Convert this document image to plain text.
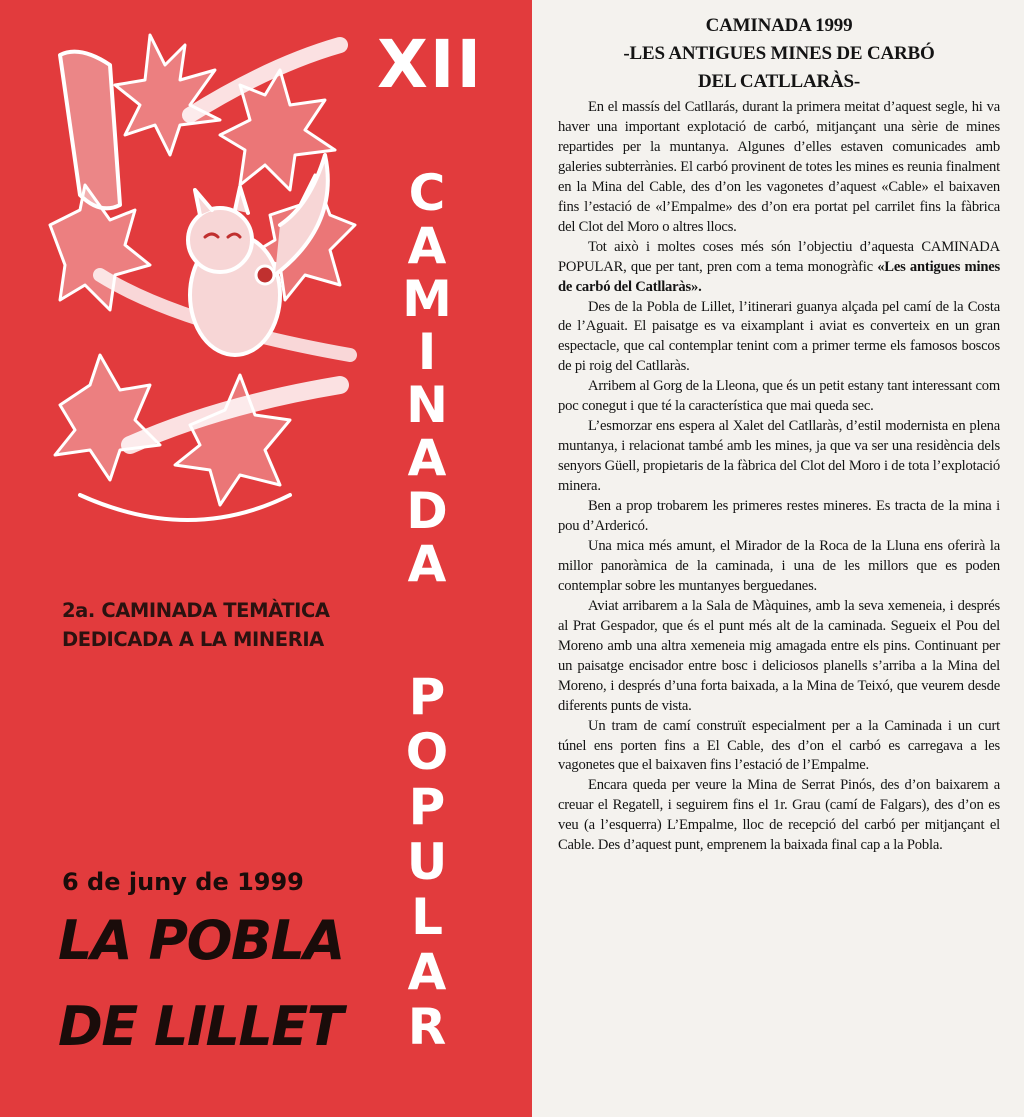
XII
C
A
M
I
N
A
D
A
P
O
P
U
L
A
R
2a. CAMINADA TEMÀTICA
DEDICADA A LA MINERIA
6 de juny de 1999
LA POBLA
DE LILLET
CAMINADA 1999
-LES ANTIGUES MINES DE CARBÓ
DEL CATLLARÀS-

En el massís del Catllarás, durant la primera meitat d’aquest segle, hi va haver una important explotació de carbó, mitjançant una sèrie de mines repartides per la muntanya. Algunes d’elles estaven comunicades amb galeries subterrànies. El carbó provinent de totes les mines es reunia finalment en la Mina del Cable, des d’on les vagonetes d’aquest «Cable» el baixaven fins l’estació de «l’Empalme» des d’on era portat pel carrilet fins la fàbrica del Clot del Moro o altres llocs.

Tot això i moltes coses més són l’objectiu d’aquesta CAMINADA POPULAR, que per tant, pren com a tema monogràfic «Les antigues mines de carbó del Catllaràs».

Des de la Pobla de Lillet, l’itinerari guanya alçada pel camí de la Costa de l’Aguait. El paisatge es va eixamplant i aviat es converteix en un gran espectacle, que cal contemplar tenint com a primer terme els famosos boscos de pi roig del Catllaràs.

Arribem al Gorg de la Lleona, que és un petit estany tant interessant com poc conegut i que té la característica que mai queda sec.

L’esmorzar ens espera al Xalet del Catllaràs, d’estil modernista en plena muntanya, i relacionat també amb les mines, ja que va ser una residència dels senyors Güell, propietaris de la fàbrica del Clot del Moro i de tota l’explotació minera.

Ben a prop trobarem les primeres restes mineres. Es tracta de la mina i pou d’Ardericó.

Una mica més amunt, el Mirador de la Roca de la Lluna ens oferirà la millor panoràmica de la caminada, i una de les millors que es poden contemplar sobre les muntanyes berguedanes.

Aviat arribarem a la Sala de Màquines, amb la seva xemeneia, i després al Prat Gespador, que és el punt més alt de la caminada. Segueix el Pou del Moreno amb una altra xemeneia mig amagada entre els pins. Continuant per un paisatge encisador entre bosc i deliciosos planells s’arriba a la Mina del Moreno, i després d’una forta baixada, a la Mina de Teixó, que veurem desde diferents punts de vista.

Un tram de camí construït especialment per a la Caminada i un curt túnel ens porten fins a El Cable, des d’on el carbó es carregava a les vagonetes que el baixaven fins l’estació de l’Empalme.

Encara queda per veure la Mina de Serrat Pinós, des d’on baixarem a creuar el Regatell, i seguirem fins el 1r. Grau (camí de Falgars), des d’on es veu (a l’esquerra) L’Empalme, lloc de recepció del carbó per mitjançant el Cable. Des d’aquest punt, emprenem la baixada final cap a la Pobla.
